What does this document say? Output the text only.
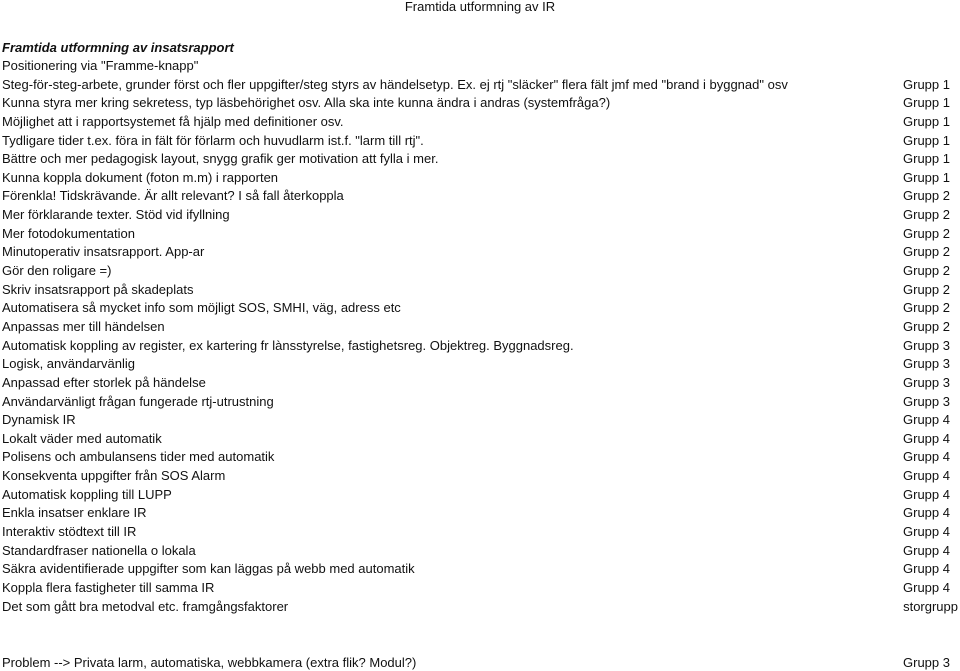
Framtida utformning av IR
Framtida utformning av insatsrapport
Positionering via "Framme-knapp"
Steg-för-steg-arbete, grunder först och fler uppgifter/steg styrs av händelsetyp. Ex. ej rtj "släcker" flera fält jmf med "brand i byggnad" osv	Grupp 1
Kunna styra mer kring sekretess, typ läsbehörighet osv. Alla ska inte kunna ändra i andras (systemfråga?)	Grupp 1
Möjlighet att i rapportsystemet få hjälp med definitioner osv.	Grupp 1
Tydligare tider t.ex. föra in fält för förlarm och huvudlarm ist.f. "larm till rtj".	Grupp 1
Bättre och mer pedagogisk layout, snygg grafik ger motivation att fylla i mer.	Grupp 1
Kunna koppla dokument (foton m.m) i rapporten	Grupp 1
Förenkla! Tidskrävande. Är allt relevant? I så fall återkoppla	Grupp 2
Mer förklarande texter. Stöd vid ifyllning	Grupp 2
Mer fotodokumentation	Grupp 2
Minutoperativ insatsrapport. App-ar	Grupp 2
Gör den roligare =)	Grupp 2
Skriv insatsrapport på skadeplats	Grupp 2
Automatisera så mycket info som möjligt SOS, SMHI, väg, adress etc	Grupp 2
Anpassas mer till händelsen	Grupp 2
Automatisk koppling av register, ex kartering fr lànsstyrelse, fastighetsreg. Objektreg. Byggnadsreg.	Grupp 3
Logisk, användarvänlig	Grupp 3
Anpassad efter storlek på händelse	Grupp 3
Användarvänligt frågan fungerade rtj-utrustning	Grupp 3
Dynamisk IR	Grupp 4
Lokalt väder med automatik	Grupp 4
Polisens och ambulansens tider med automatik	Grupp 4
Konsekventa uppgifter från SOS Alarm	Grupp 4
Automatisk koppling till LUPP	Grupp 4
Enkla insatser enklare IR	Grupp 4
Interaktiv stödtext till IR	Grupp 4
Standardfraser nationella o lokala	Grupp 4
Säkra avidentifierade uppgifter som kan läggas på webb med automatik	Grupp 4
Koppla flera fastigheter till samma IR	Grupp 4
Det som gått bra metodval etc. framgångsfaktorer	storgrupp
Problem --> Privata larm, automatiska, webbkamera (extra flik? Modul?)	Grupp 3
